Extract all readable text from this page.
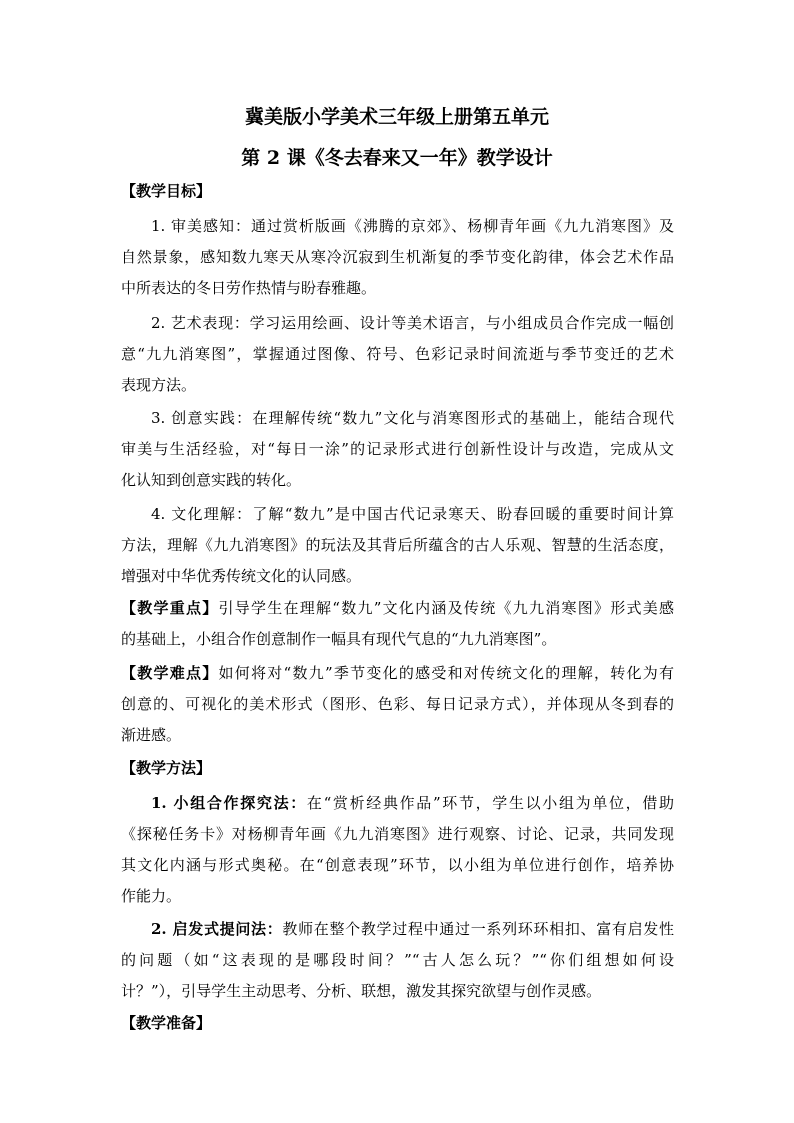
冀美版小学美术三年级上册第五单元
第 2 课《冬去春来又一年》教学设计
【教学目标】
1. 审美感知：通过赏析版画《沸腾的京郊》、杨柳青年画《九九消寒图》及
自然景象，感知数九寒天从寒冷沉寂到生机渐复的季节变化韵律，体会艺术作品
中所表达的冬日劳作热情与盼春雅趣。
2. 艺术表现：学习运用绘画、设计等美术语言，与小组成员合作完成一幅创
意“九九消寒图”，掌握通过图像、符号、色彩记录时间流逝与季节变迁的艺术
表现方法。
3. 创意实践：在理解传统“数九”文化与消寒图形式的基础上，能结合现代
审美与生活经验，对“每日一涂”的记录形式进行创新性设计与改造，完成从文
化认知到创意实践的转化。
4. 文化理解：了解“数九”是中国古代记录寒天、盼春回暖的重要时间计算
方法，理解《九九消寒图》的玩法及其背后所蕴含的古人乐观、智慧的生活态度，
增强对中华优秀传统文化的认同感。
【教学重点】引导学生在理解“数九”文化内涵及传统《九九消寒图》形式美感
的基础上，小组合作创意制作一幅具有现代气息的“九九消寒图”。
【教学难点】如何将对“数九”季节变化的感受和对传统文化的理解，转化为有
创意的、可视化的美术形式（图形、色彩、每日记录方式），并体现从冬到春的
渐进感。
【教学方法】
1. 小组合作探究法：在“赏析经典作品”环节，学生以小组为单位，借助
《探秘任务卡》对杨柳青年画《九九消寒图》进行观察、讨论、记录，共同发现
其文化内涵与形式奥秘。在“创意表现”环节，以小组为单位进行创作，培养协
作能力。
2. 启发式提问法：教师在整个教学过程中通过一系列环环相扣、富有启发性
的问题（如“这表现的是哪段时间？”“古人怎么玩？”“你们组想如何设
计？”），引导学生主动思考、分析、联想，激发其探究欲望与创作灵感。
【教学准备】
